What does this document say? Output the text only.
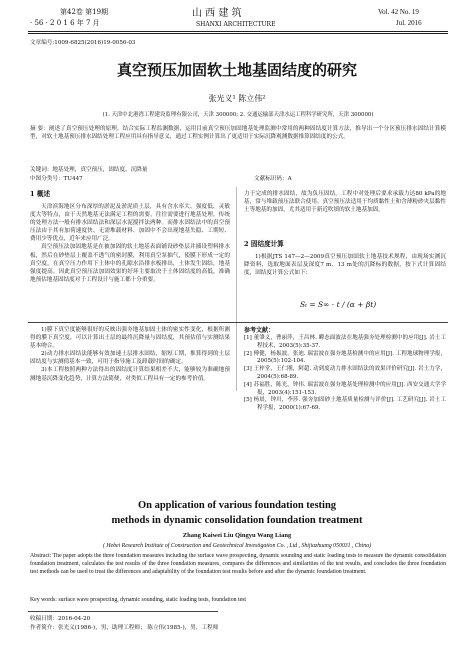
第42卷 第19期
· 56 · 2 0 1 6 年 7 月
山 西 建 筑
SHANXI ARCHITECTURE
Vol. 42 No. 19
Jul. 2016
文章编号:1009-6825(2016)19-0056-03
真空预压加固软土地基固结度的研究
张光义¹ 陈立伟²
(1. 天津中北港湾工程建设监理有限公司，天津 300000; 2. 交通运输部天津水运工程科学研究所，天津 300000)
摘 要：阐述了真空预压处理的原理，结合实际工程监测数据，运用目前真空预压加固地基处理监测中常用的两种固结度计算方法，推导出一个分区预压排水固结计算模型，对软土地基预压排水固结处理工程应用具有指导意义，通过工程实例计算出了更适用于实际沉降观测数据推算固结度的公式。
关键词：地基处理，真空预压，固结度，沉降量
中图分类号：TU447	文献标识码：A
1 概述

天津滨海地区分布深厚的淤泥及淤泥质土层，具有含水率大、强度低、灵敏度大等特点，由于天然地基无法满足工程的需要，往往需要进行地基处理。传统的处理方法一般有排水固结法和深层水泥搅拌法两种。而排水固结法中的真空预压法由于其有加荷速度快、无需堆载材料、加固中不会出现地基失稳、工期短、费用少等优点，近年来应用广泛。

真空预压法加固地基是在被加固的软土地基表面铺设砂垫层并插设塑料排水板，然后在砂垫层上覆盖不透气的密封膜，利用真空泵抽气，使膜下形成一定的真空度，在真空压力作用下土体中的孔隙水沿排水板排出，土体发生固结，地基强度提高。因此真空预压法加固效果的好坏主要取决于土体固结度的高低，准确地预估地基固结度对于工程设计与施工都十分重要。

力于完成的排水固结，故为负压固结。工程中对处理后要求承载力达80 kPa的地基，常与堆载预压法联合使用。真空预压法适用于均质黏性土和含薄粉砂夹层黏性土等地基的加固，尤其适用于新近吹填的软土地基加固。
2 固结度计算

1)根据JTS 147—2—2009真空预压加固软土地基技术规程，由现场实测沉降资料，选取地面表层及深度7 m、13 m处的沉降标的数据，按下式计算固结度，固结度计算公式如下:

Sₜ = S∞ · t / (α + βt)

1)膜下真空度能够很好的反映出强夯地基加固土体的密实性变化，根据所测得的膜下真空度，可以计算出土层的最终沉降量与固结度，其预估值与实测结果基本吻合。

2)动力排水固结法能够有效加速土层排水固结，缩短工期，推算得到的土层固结度与实测值基本一致，可用于指导施工及卸载时间的确定。

3)本工程按照两种方法得出的固结度计算结果相差不大，能够较为准确地预测地基沉降变化趋势，计算方法简便，对类似工程具有一定的参考价值。

参考文献：
[1] 董肇义，曹丽萍，王昌林. 瞬态面波法在地基强夯处理检测中的应用[J]. 岩土工程技术，2003(5):35-37.
[2] 傅健，杨振波，张迪. 瑞雷波在强夯地基检测中的应用[J]. 工程地球物理学报，2005(5):102-104.
[3] 王梓堂，王仁刚，阿超. 动到度动力排水固结法的效果评价研究[J]. 岩土力学，2004(5):68-89.
[4] 苏福胜，陈光，钟伟. 瑞雷波在强夯地基处理检测中的应用[J]. 西安交通大学学报，2003(4):151-153.
[5] 杨晨，钟川，李莎. 强夯加固砂土地基质量检测与评价[J]. 工艺研究[J]. 岩土工程学报，2000(1):67-69.
On application of various foundation testing
methods in dynamic consolidation foundation treatment
Zhang Kaiwei Liu Qingyu Wang Liang
( Hebei Research Institute of Construction and Geotechnical Investigation Co. , Ltd , Shijiazhuang 050031 , China)
Abstract: The paper adopts the three foundation measures including the surface wave prospecting, dynamic sounding and static loading tests to measure the dynamic consolidation foundation treatment, calculates the test results of the three foundation measures, compares the differences and similarities of the test results, and concludes the three foundation test methods can be used to treat the differences and adaptability of the foundation test results before and after the dynamic foundation treatment.
Key words: surface wave prospecting, dynamic sounding, static loading tests, foundation test
收稿日期：2016-04-20
作者简介：张光义(1986-)，男，助理工程师； 陈立伟(1985-)，男，工程师
